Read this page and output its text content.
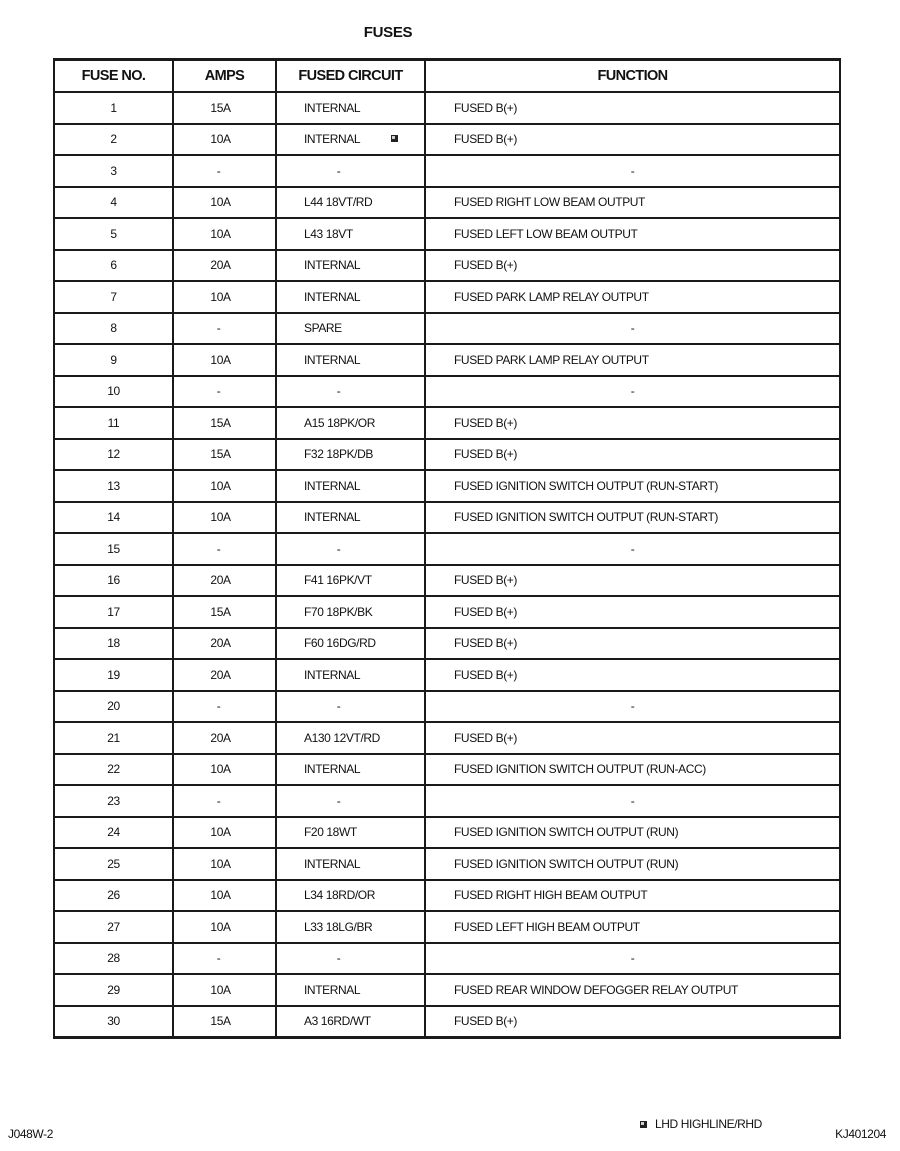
FUSES
FUSE NO.	AMPS	FUSED CIRCUIT	FUNCTION
1	15A	INTERNAL	FUSED B(+)
2	10A	INTERNAL	FUSED B(+)
3	-	-	-
4	10A	L44 18VT/RD	FUSED RIGHT LOW BEAM OUTPUT
5	10A	L43 18VT	FUSED LEFT LOW BEAM OUTPUT
6	20A	INTERNAL	FUSED B(+)
7	10A	INTERNAL	FUSED PARK LAMP RELAY OUTPUT
8	-	SPARE	-
9	10A	INTERNAL	FUSED PARK LAMP RELAY OUTPUT
10	-	-	-
11	15A	A15 18PK/OR	FUSED B(+)
12	15A	F32 18PK/DB	FUSED B(+)
13	10A	INTERNAL	FUSED IGNITION SWITCH OUTPUT (RUN-START)
14	10A	INTERNAL	FUSED IGNITION SWITCH OUTPUT (RUN-START)
15	-	-	-
16	20A	F41 16PK/VT	FUSED B(+)
17	15A	F70 18PK/BK	FUSED B(+)
18	20A	F60 16DG/RD	FUSED B(+)
19	20A	INTERNAL	FUSED B(+)
20	-	-	-
21	20A	A130 12VT/RD	FUSED B(+)
22	10A	INTERNAL	FUSED IGNITION SWITCH OUTPUT (RUN-ACC)
23	-	-	-
24	10A	F20 18WT	FUSED IGNITION SWITCH OUTPUT (RUN)
25	10A	INTERNAL	FUSED IGNITION SWITCH OUTPUT (RUN)
26	10A	L34 18RD/OR	FUSED RIGHT HIGH BEAM OUTPUT
27	10A	L33 18LG/BR	FUSED LEFT HIGH BEAM OUTPUT
28	-	-	-
29	10A	INTERNAL	FUSED REAR WINDOW DEFOGGER RELAY OUTPUT
30	15A	A3 16RD/WT	FUSED B(+)
J048W-2
LHD HIGHLINE/RHD
KJ401204
